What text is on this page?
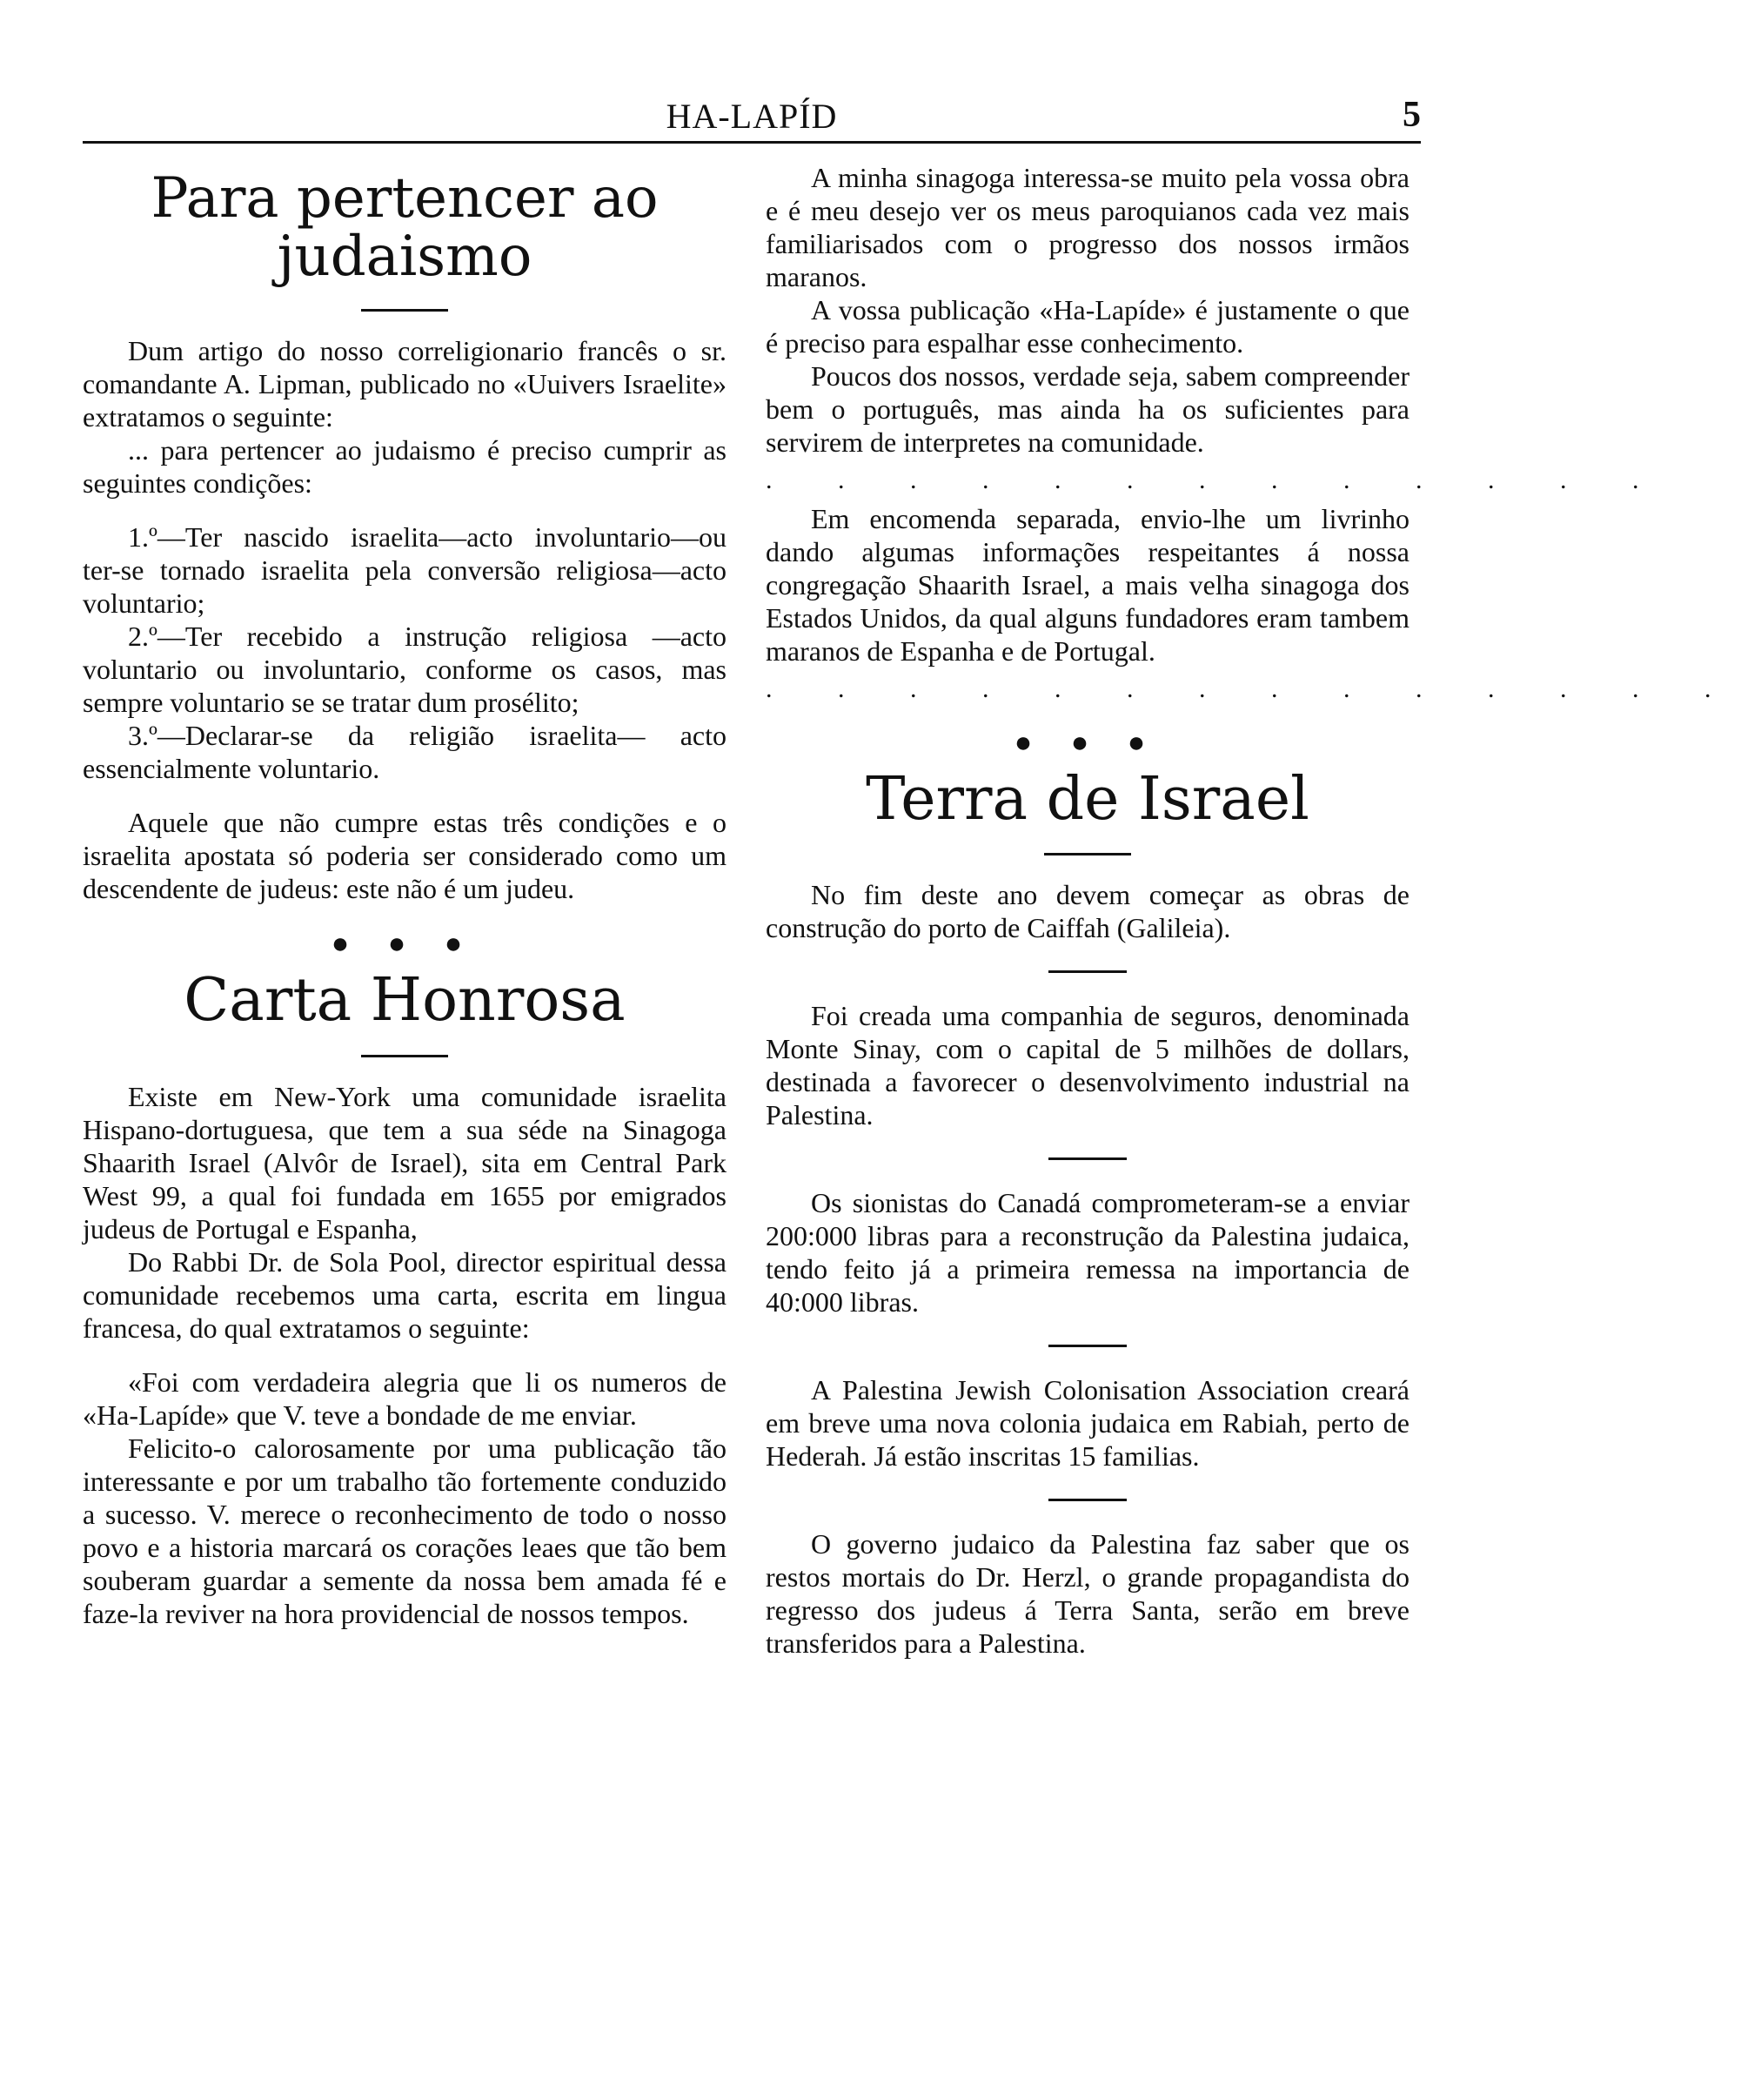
HA-LAPÍD	5
Para pertencer ao judaismo

Dum artigo do nosso correligionario francês o sr. comandante A. Lipman, publicado no «Uuivers Israelite» extratamos o seguinte:

... para pertencer ao judaismo é preciso cumprir as seguintes condições:

1.º—Ter nascido israelita—acto involuntario—ou ter-se tornado israelita pela conversão religiosa—acto voluntario;

2.º—Ter recebido a instrução religiosa —acto voluntario ou involuntario, conforme os casos, mas sempre voluntario se se tratar dum prosélito;

3.º—Declarar-se da religião israelita— acto essencialmente voluntario.

Aquele que não cumpre estas três condições e o israelita apostata só poderia ser considerado como um descendente de judeus: este não é um judeu.

● ● ●
Carta Honrosa

Existe em New-York uma comunidade israelita Hispano-dortuguesa, que tem a sua séde na Sinagoga Shaarith Israel (Alvôr de Israel), sita em Central Park West 99, a qual foi fundada em 1655 por emigrados judeus de Portugal e Espanha,

Do Rabbi Dr. de Sola Pool, director espiritual dessa comunidade recebemos uma carta, escrita em lingua francesa, do qual extratamos o seguinte:

«Foi com verdadeira alegria que li os numeros de «Ha-Lapíde» que V. teve a bondade de me enviar.

Felicito-o calorosamente por uma publicação tão interessante e por um trabalho tão fortemente conduzido a sucesso. V. merece o reconhecimento de todo o nosso povo e a historia marcará os corações leaes que tão bem souberam guardar a semente da nossa bem amada fé e faze-la reviver na hora providencial de nossos tempos.

A minha sinagoga interessa-se muito pela vossa obra e é meu desejo ver os meus paroquianos cada vez mais familiarisados com o progresso dos nossos irmãos maranos.

A vossa publicação «Ha-Lapíde» é justamente o que é preciso para espalhar esse conhecimento.

Poucos dos nossos, verdade seja, sabem compreender bem o português, mas ainda ha os suficientes para servirem de interpretes na comunidade.

. . . . . . . . . . . . .

Em encomenda separada, envio-lhe um livrinho dando algumas informações respeitantes á nossa congregação Shaarith Israel, a mais velha sinagoga dos Estados Unidos, da qual alguns fundadores eram tambem maranos de Espanha e de Portugal.

. . . . . . . . . . . . . .
● ● ●
Terra de Israel

No fim deste ano devem começar as obras de construção do porto de Caiffah (Galileia).

Foi creada uma companhia de seguros, denominada Monte Sinay, com o capital de 5 milhões de dollars, destinada a favorecer o desenvolvimento industrial na Palestina.

Os sionistas do Canadá comprometeram-se a enviar 200:000 libras para a reconstrução da Palestina judaica, tendo feito já a primeira remessa na importancia de 40:000 libras.

A Palestina Jewish Colonisation Association creará em breve uma nova colonia judaica em Rabiah, perto de Hederah. Já estão inscritas 15 familias.

O governo judaico da Palestina faz saber que os restos mortais do Dr. Herzl, o grande propagandista do regresso dos judeus á Terra Santa, serão em breve transferidos para a Palestina.
